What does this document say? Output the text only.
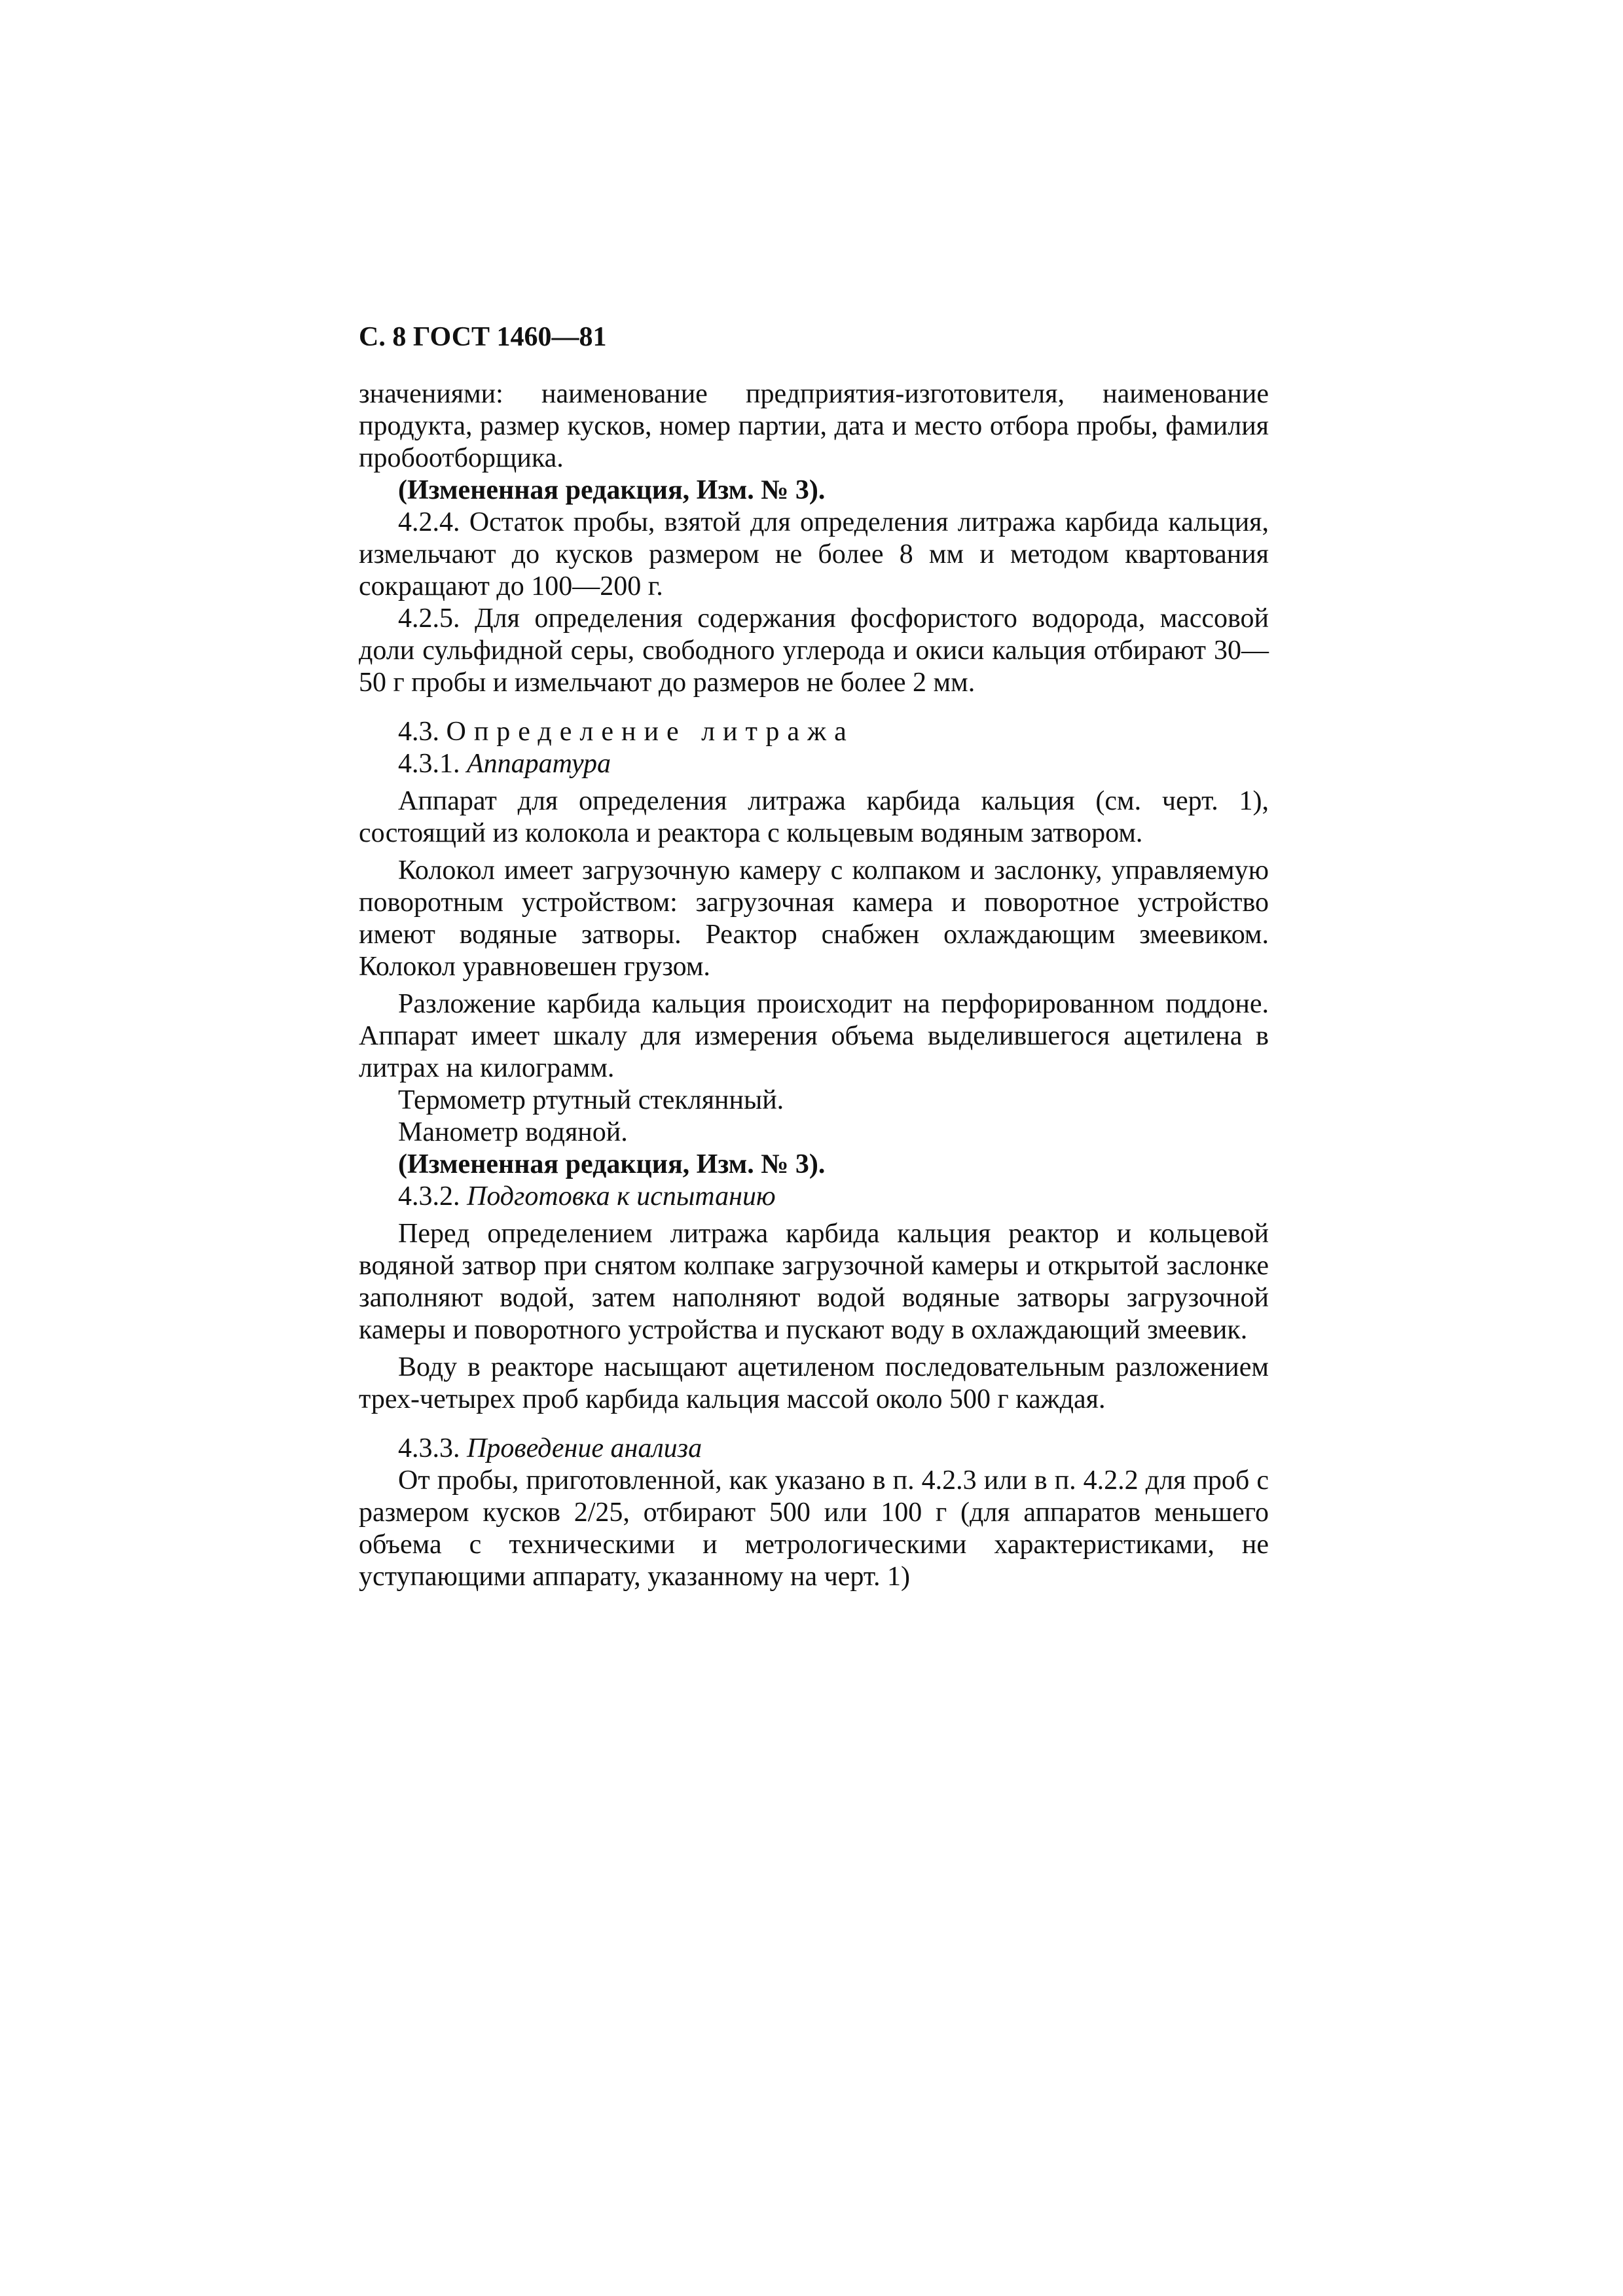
С. 8 ГОСТ 1460—81

значениями: наименование предприятия-изготовителя, наименование продукта, размер кусков, номер партии, дата и место отбора пробы, фамилия пробоотборщика.

(Измененная редакция, Изм. № 3).

4.2.4. Остаток пробы, взятой для определения литража карбида кальция, измельчают до кусков размером не более 8 мм и методом квартования сокращают до 100—200 г.

4.2.5. Для определения содержания фосфористого водорода, массовой доли сульфидной серы, свободного углерода и окиси кальция отбирают 30—50 г пробы и измельчают до размеров не более 2 мм.

4.3. Определение литража

4.3.1. Аппаратура

Аппарат для определения литража карбида кальция (см. черт. 1), состоящий из колокола и реактора с кольцевым водяным затвором.

Колокол имеет загрузочную камеру с колпаком и заслонку, управляемую поворотным устройством: загрузочная камера и поворотное устройство имеют водяные затворы. Реактор снабжен охлаждающим змеевиком. Колокол уравновешен грузом.

Разложение карбида кальция происходит на перфорированном поддоне. Аппарат имеет шкалу для измерения объема выделившегося ацетилена в литрах на килограмм.

Термометр ртутный стеклянный.

Манометр водяной.

(Измененная редакция, Изм. № 3).

4.3.2. Подготовка к испытанию

Перед определением литража карбида кальция реактор и кольцевой водяной затвор при снятом колпаке загрузочной камеры и открытой заслонке заполняют водой, затем наполняют водой водяные затворы загрузочной камеры и поворотного устройства и пускают воду в охлаждающий змеевик.

Воду в реакторе насыщают ацетиленом последовательным разложением трех-четырех проб карбида кальция массой около 500 г каждая.

4.3.3. Проведение анализа

От пробы, приготовленной, как указано в п. 4.2.3 или в п. 4.2.2 для проб с размером кусков 2/25, отбирают 500 или 100 г (для аппаратов меньшего объема с техническими и метрологическими характеристиками, не уступающими аппарату, указанному на черт. 1)
